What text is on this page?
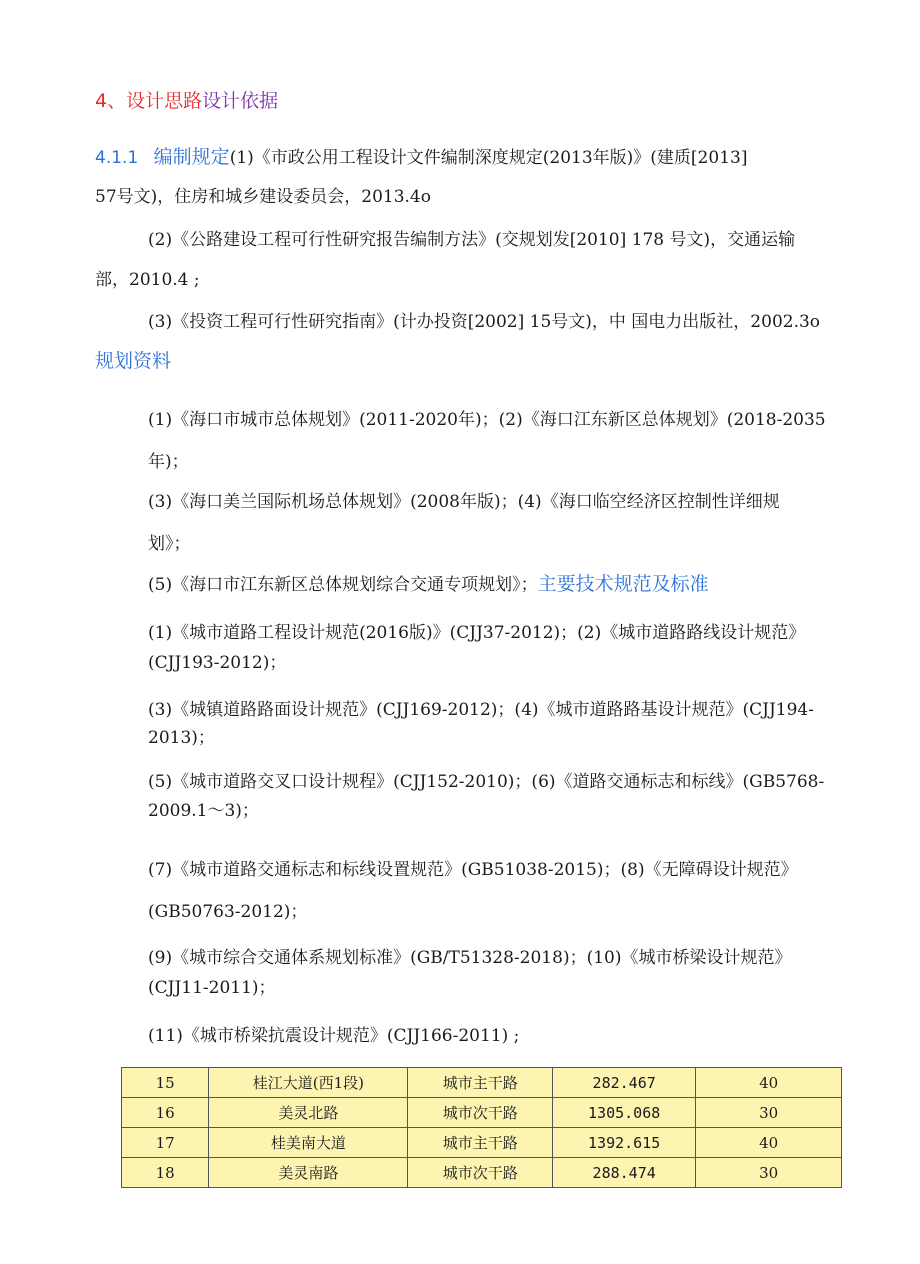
4、设计思路设计依据
4.1.1 编制规定(1)《市政公用工程设计文件编制深度规定(2013年版)》(建质[2013]
57号文)，住房和城乡建设委员会，2013.4o
(2)《公路建设工程可行性研究报告编制方法》(交规划发[2010] 178 号文)，交通运输
部，2010.4 ;
(3)《投资工程可行性研究指南》(计办投资[2002] 15号文)，中 国电力出版社，2002.3o
规划资料
(1)《海口市城市总体规划》(2011-2020年)；(2)《海口江东新区总体规划》(2018-2035
年)；
(3)《海口美兰国际机场总体规划》(2008年版)；(4)《海口临空经济区控制性详细规
划》；
(5)《海口市江东新区总体规划综合交通专项规划》；主要技术规范及标准
(1)《城市道路工程设计规范(2016版)》(CJJ37-2012)；(2)《城市道路路线设计规范》
(CJJ193-2012)；
(3)《城镇道路路面设计规范》(CJJ169-2012)；(4)《城市道路路基设计规范》(CJJ194-
2013)；
(5)《城市道路交叉口设计规程》(CJJ152-2010)；(6)《道路交通标志和标线》(GB5768-
2009.1〜3)；
(7)《城市道路交通标志和标线设置规范》(GB51038-2015)；(8)《无障碍设计规范》
(GB50763-2012)；
(9)《城市综合交通体系规划标准》(GB/T51328-2018)；(10)《城市桥梁设计规范》
(CJJ11-2011)；
(11)《城市桥梁抗震设计规范》(CJJ166-2011) ;
15	桂江大道(西1段)	城市主干路	282.467	40
16	美灵北路	城市次干路	1305.068	30
17	桂美南大道	城市主干路	1392.615	40
18	美灵南路	城市次干路	288.474	30
